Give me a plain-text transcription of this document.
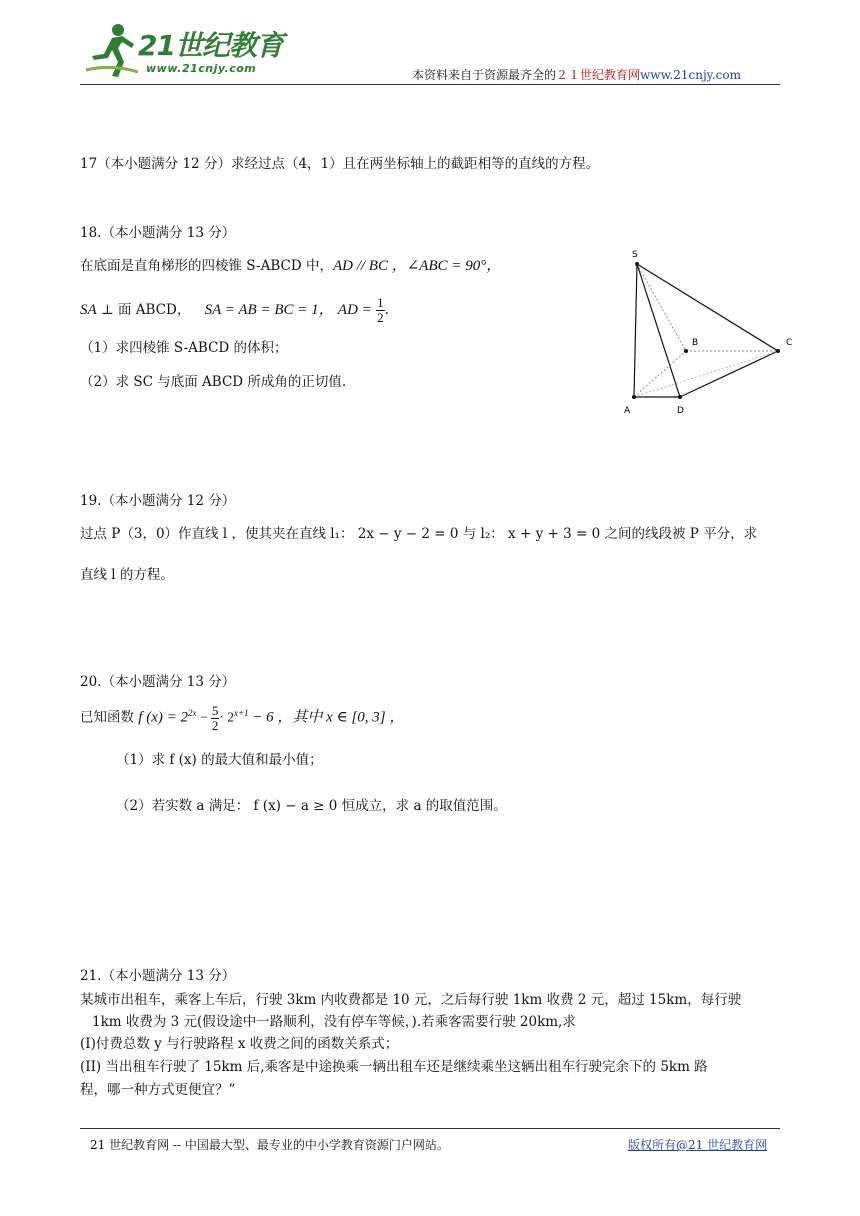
21世纪教育
www.21cnjy.com	本资料来自于资源最齐全的２１世纪教育网www.21cnjy.com
17（本小题满分 12 分）求经过点（4，1）且在两坐标轴上的截距相等的直线的方程。
18.（本小题满分 13 分）
在底面是直角梯形的四棱锥 S-ABCD 中，AD // BC ，∠ABC = 90°，
SA ⊥ 面 ABCD， SA = AB = BC = 1， AD = $\frac{1}{2}$ .
（1）求四棱锥 S-ABCD 的体积；
（2）求 SC 与底面 ABCD 所成角的正切值.
S
B	C
A	D
19.（本小题满分 12 分）
过点 P（3，0）作直线 l ，使其夹在直线 l₁： 2x − y − 2 = 0 与 l₂： x + y + 3 = 0 之间的线段被 P 平分，求
直线 l 的方程。
20.（本小题满分 13 分）
已知函数 f $(x) = 2^{2x} - \frac{5}{2} \cdot 2^{x+1} - 6$ ，其中 x ∈ [0, 3] ，
（1）求 f (x) 的最大值和最小值；
（2）若实数 a 满足： f (x) − a ≥ 0 恒成立，求 a 的取值范围。
21.（本小题满分 13 分）
某城市出租车，乘客上车后，行驶 3km 内收费都是 10 元，之后每行驶 1km 收费 2 元，超过 15km，每行驶
1km 收费为 3 元(假设途中一路顺利，没有停车等候，).若乘客需要行驶 20km,求
(I)付费总数 y 与行驶路程 x 收费之间的函数关系式；
(II) 当出租车行驶了 15km 后,乘客是中途换乘一辆出租车还是继续乘坐这辆出租车行驶完余下的 5km 路
程，哪一种方式更便宜？”
21 世纪教育网 -- 中国最大型、最专业的中小学教育资源门户网站。	版权所有@21 世纪教育网
